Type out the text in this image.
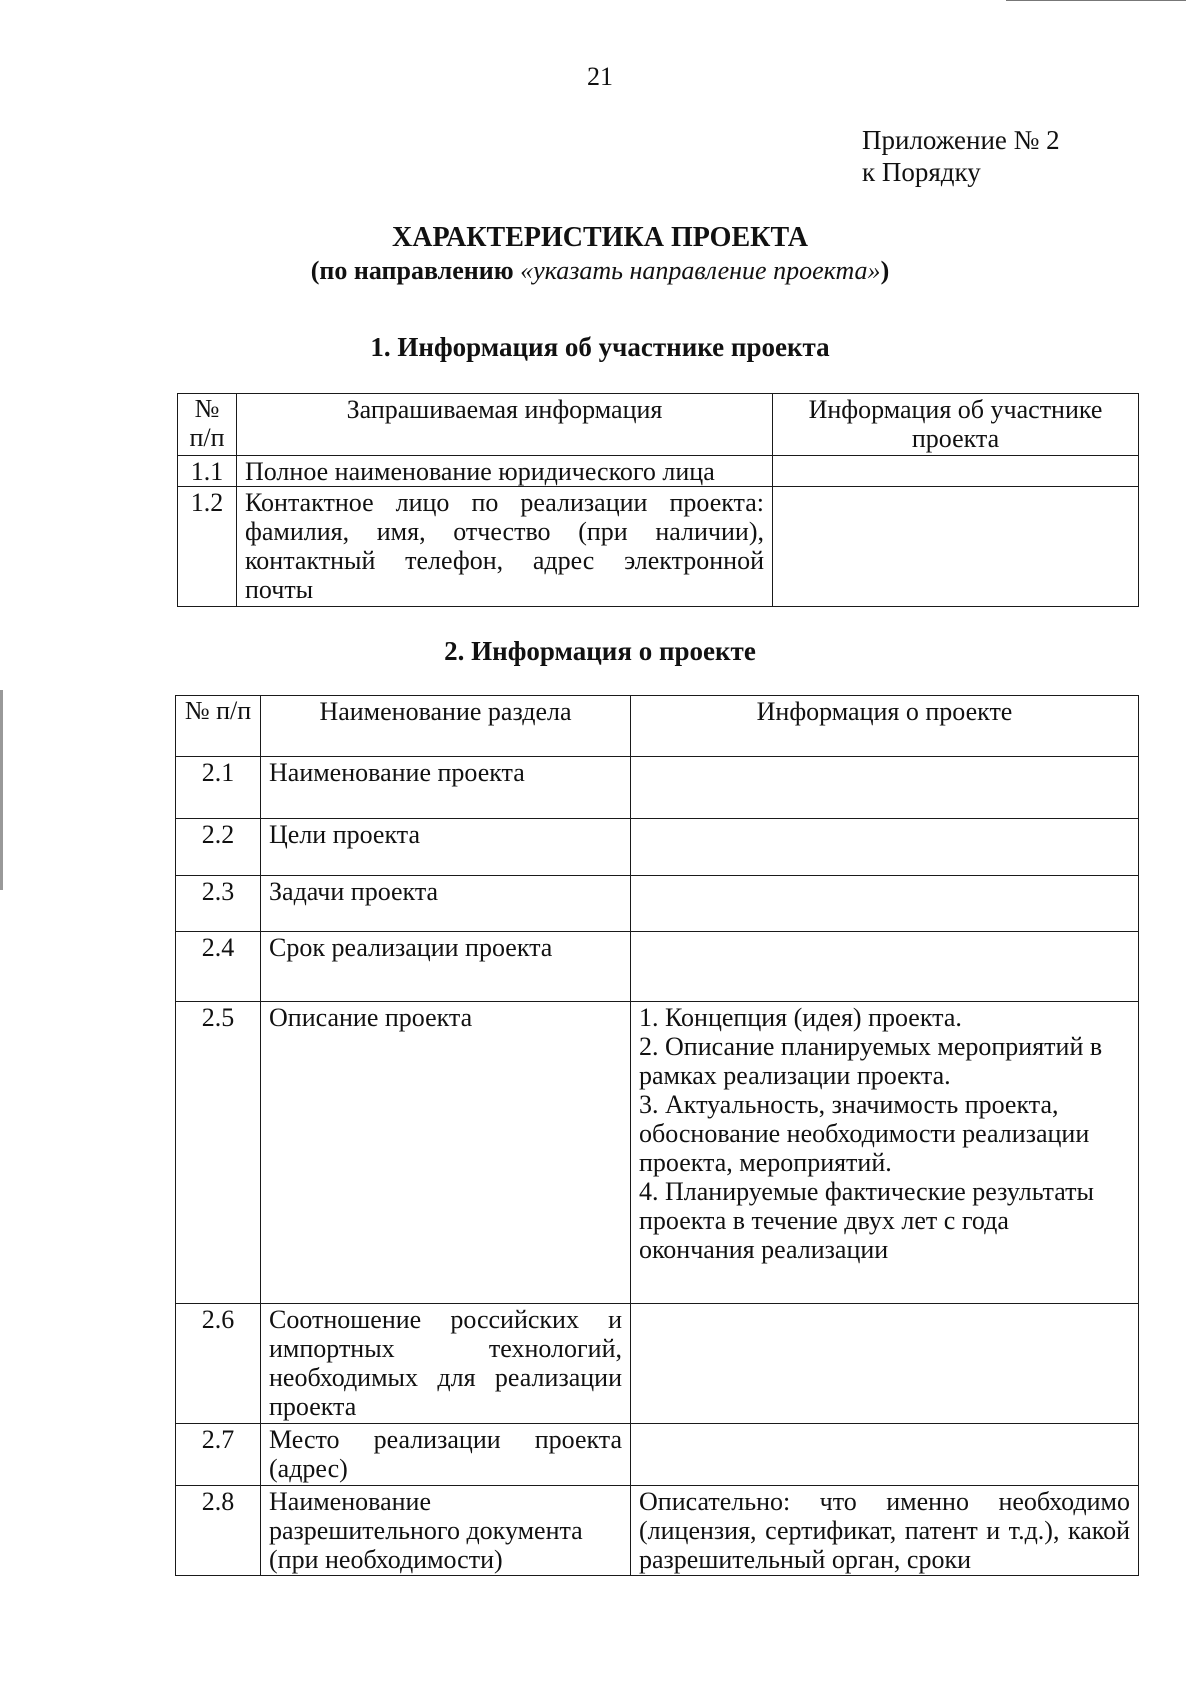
21
Приложение № 2
к Порядку
ХАРАКТЕРИСТИКА ПРОЕКТА
(по направлению «указать направление проекта»)
1. Информация об участнике проекта
№ п/п	Запрашиваемая информация	Информация об участнике проекта
1.1	Полное наименование юридического лица	
1.2	Контактное лицо по реализации проекта: фамилия, имя, отчество (при наличии), контактный телефон, адрес электронной почты	
2. Информация о проекте
№ п/п	Наименование раздела	Информация о проекте
2.1	Наименование проекта	
2.2	Цели проекта	
2.3	Задачи проекта	
2.4	Срок реализации проекта	
2.5	Описание проекта	1. Концепция (идея) проекта.
2. Описание планируемых мероприятий в рамках реализации проекта.
3. Актуальность, значимость проекта, обоснование необходимости реализации проекта, мероприятий.
4. Планируемые фактические результаты проекта в течение двух лет с года окончания реализации

2.6	Соотношение российских и импортных технологий, необходимых для реализации проекта	
2.7	Место реализации проекта (адрес)	
2.8	Наименование разрешительного документа (при необходимости)	Описательно: что именно необходимо (лицензия, сертификат, патент и т.д.), какой разрешительный орган, сроки
